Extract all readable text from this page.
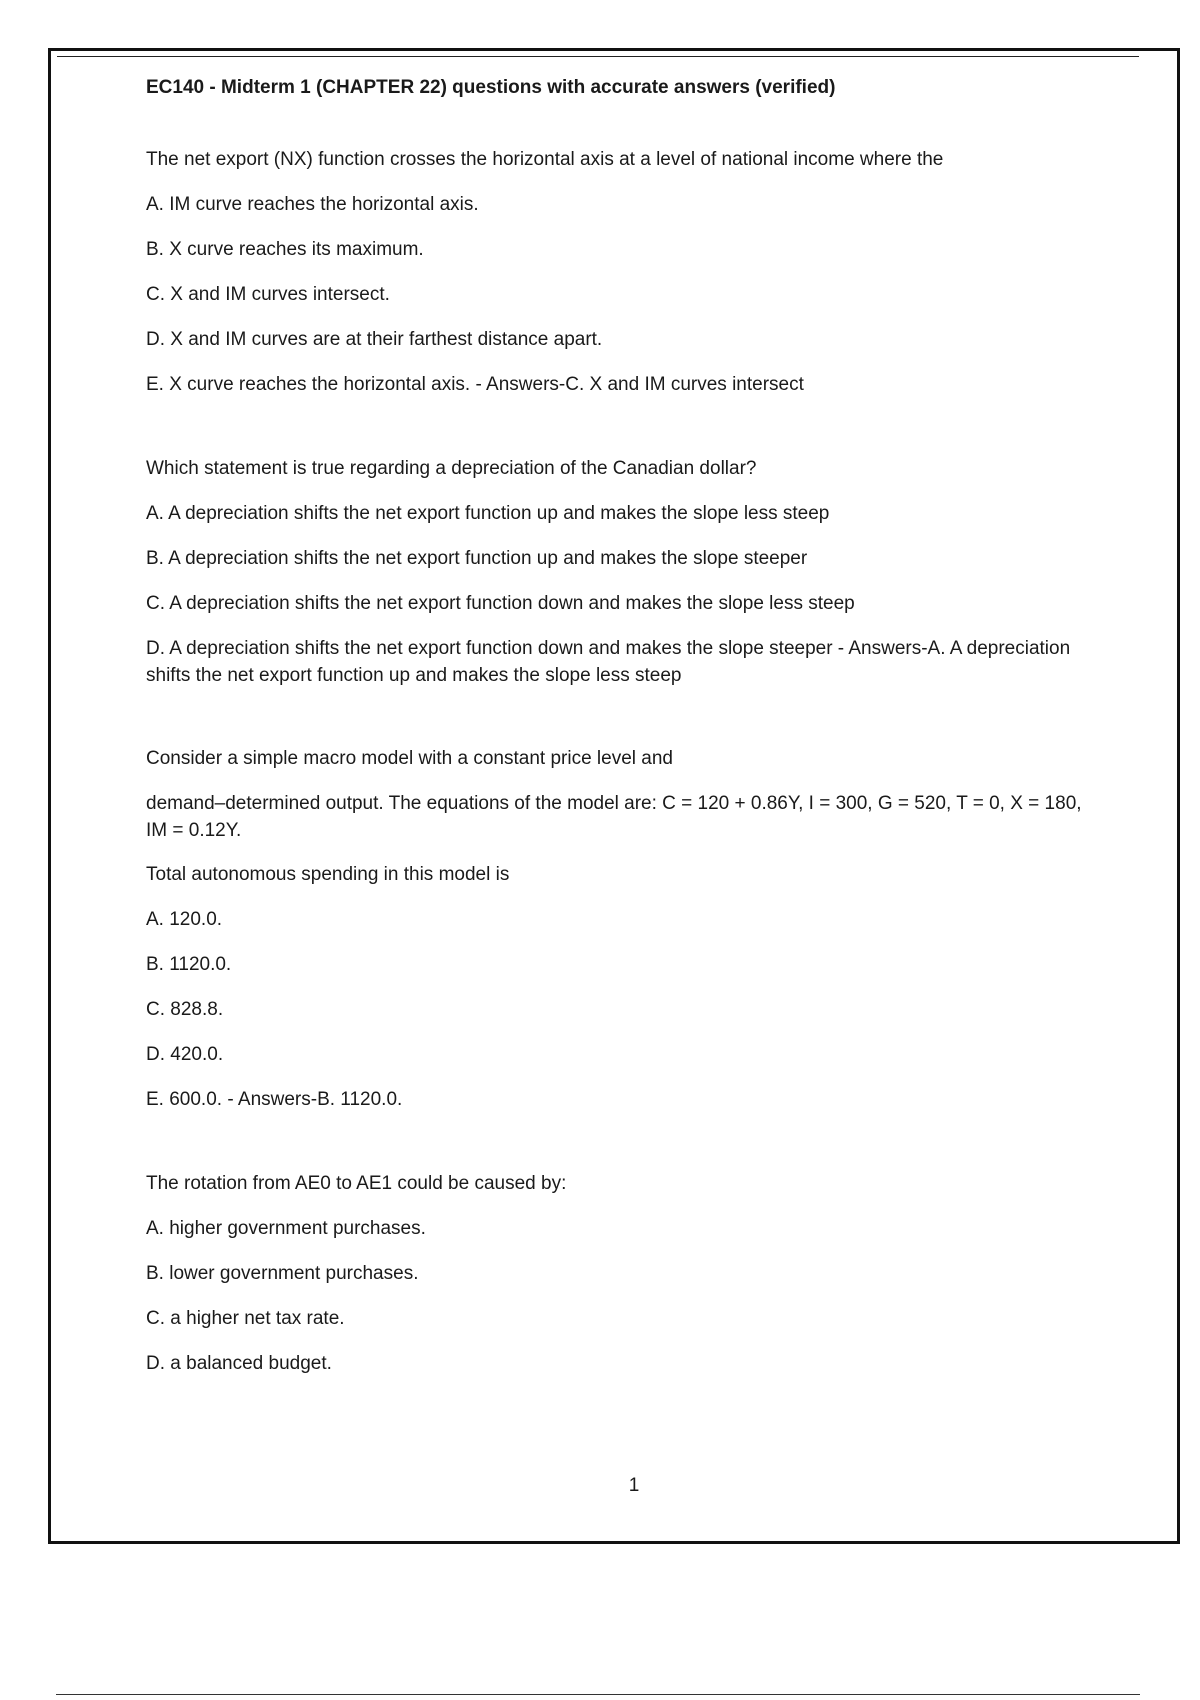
EC140 - Midterm 1 (CHAPTER 22) questions with accurate answers (verified)

The net export (NX) function crosses the horizontal axis at a level of national income where the

A. IM curve reaches the horizontal axis.

B. X curve reaches its maximum.

C. X and IM curves intersect.

D. X and IM curves are at their farthest distance apart.

E. X curve reaches the horizontal axis. - Answers-C. X and IM curves intersect

Which statement is true regarding a depreciation of the Canadian dollar?

A. A depreciation shifts the net export function up and makes the slope less steep

B. A depreciation shifts the net export function up and makes the slope steeper

C. A depreciation shifts the net export function down and makes the slope less steep

D. A depreciation shifts the net export function down and makes the slope steeper - Answers-A. A depreciation shifts the net export function up and makes the slope less steep

Consider a simple macro model with a constant price level and

demand–determined output. The equations of the model are: C = 120 + 0.86Y, I = 300, G = 520, T = 0, X = 180, IM = 0.12Y.

Total autonomous spending in this model is

A. 120.0.

B. 1120.0.

C. 828.8.

D. 420.0.

E. 600.0. - Answers-B. 1120.0.

The rotation from AE0 to AE1 could be caused by:

A. higher government purchases.

B. lower government purchases.

C. a higher net tax rate.

D. a balanced budget.

1
